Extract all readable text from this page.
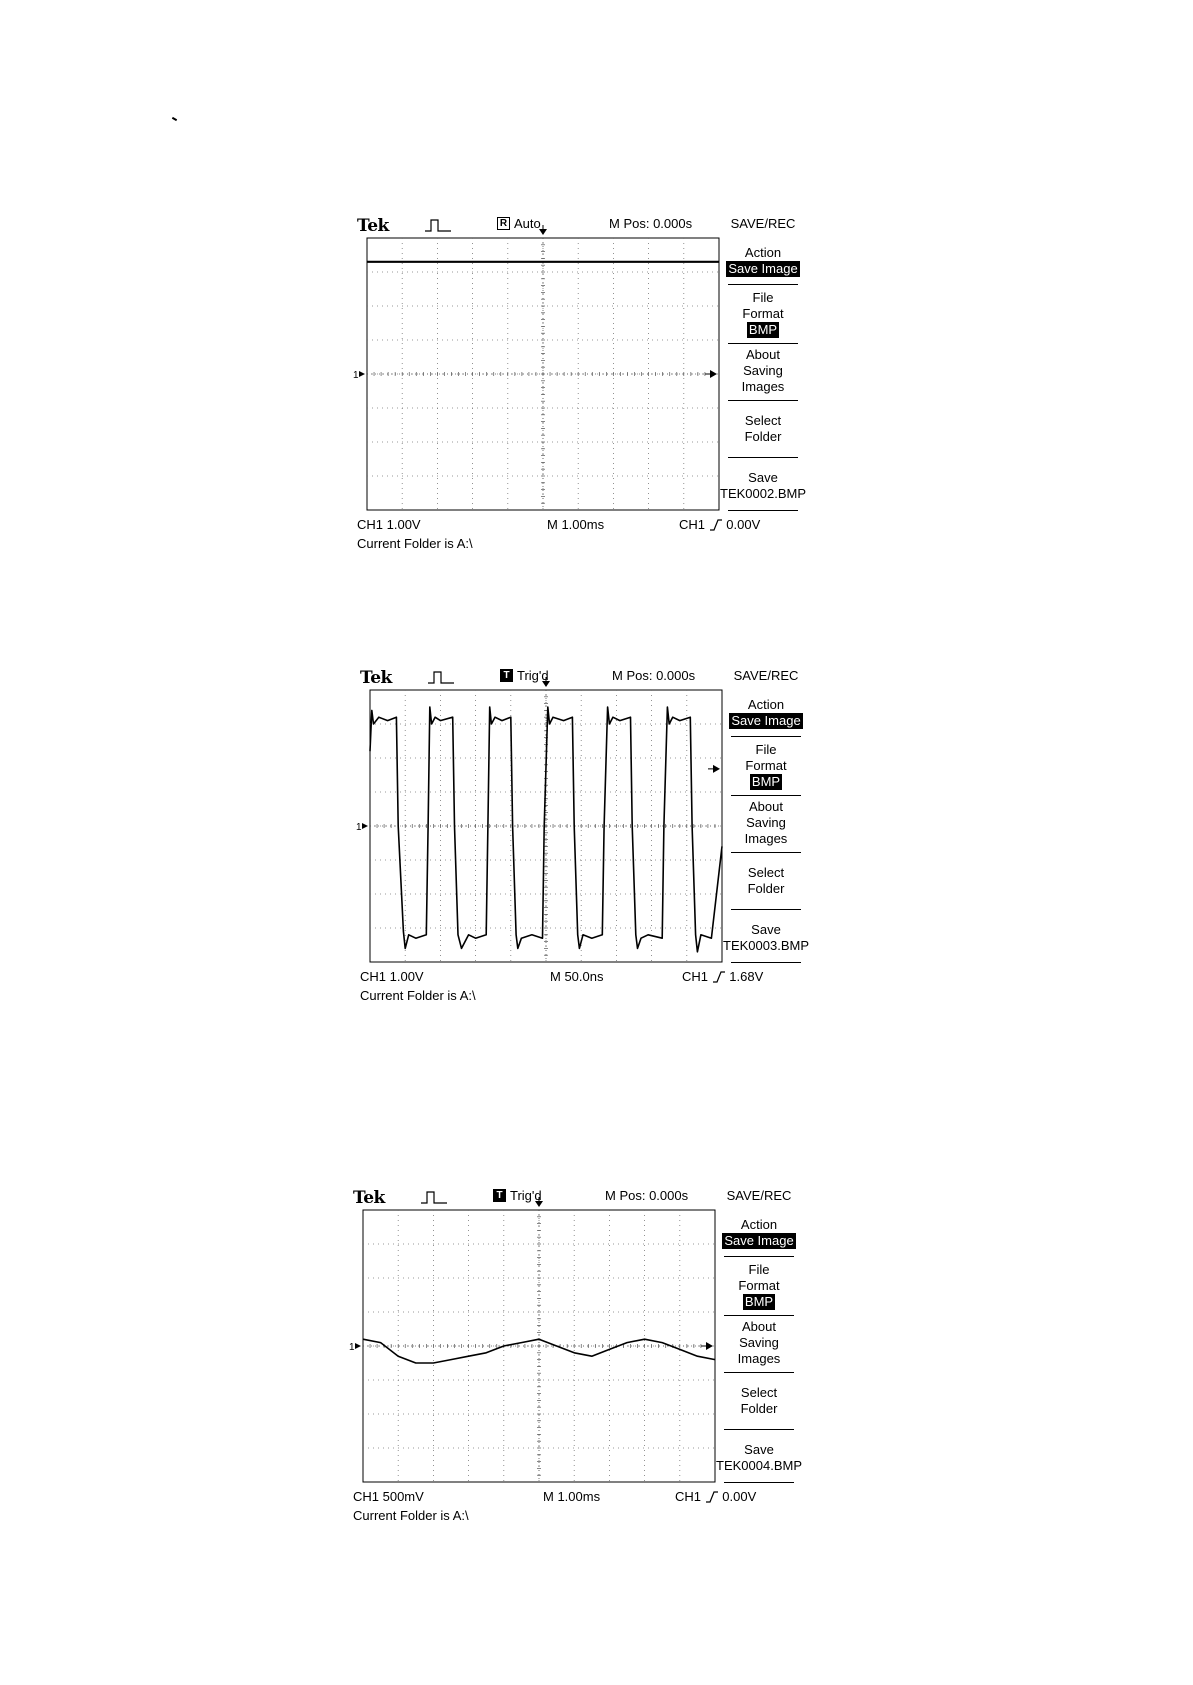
Tek	R Auto	M Pos: 0.000s
1
SAVE/REC
Action
Save Image
File
Format
BMP
About
Saving
Images
Select
Folder
Save
TEK0002.BMP
CH1 1.00V	M 1.00ms	CH1 0.00V
Current Folder is A:\
Tek	T Trig'd	M Pos: 0.000s
1
SAVE/REC
Action
Save Image
File
Format
BMP
About
Saving
Images
Select
Folder
Save
TEK0003.BMP
CH1 1.00V	M 50.0ns	CH1 1.68V
Current Folder is A:\
Tek	T Trig'd	M Pos: 0.000s
1
SAVE/REC
Action
Save Image
File
Format
BMP
About
Saving
Images
Select
Folder
Save
TEK0004.BMP
CH1 500mV	M 1.00ms	CH1 0.00V
Current Folder is A:\
